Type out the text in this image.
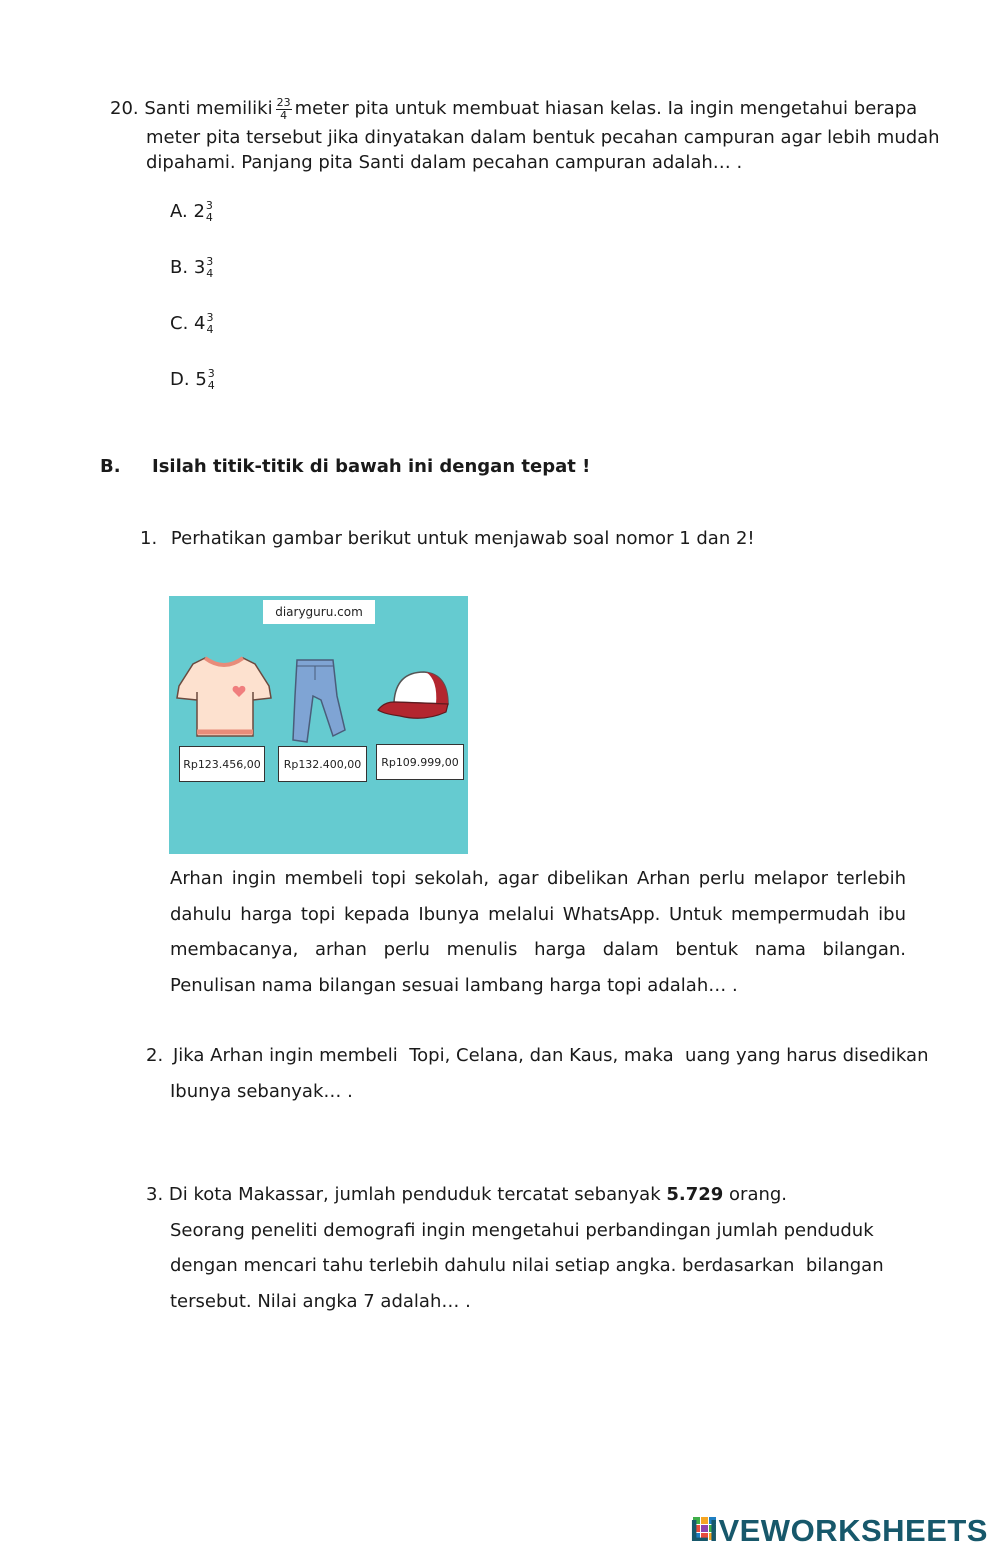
20. Santi memiliki $\frac{23}{4}$ meter pita untuk membuat hiasan kelas. Ia ingin mengetahui berapa
meter pita tersebut jika dinyatakan dalam bentuk pecahan campuran agar lebih mudah
dipahami. Panjang pita Santi dalam pecahan campuran adalah… .
A. 2 3
4
B. 3 3
4
C. 4 3
4
D. 5 3
4
B. Isilah titik-titik di bawah ini dengan tepat !
1. Perhatikan gambar berikut untuk menjawab soal nomor 1 dan 2!
diaryguru.com
Rp123.456,00	Rp132.400,00	Rp109.999,00
Arhan ingin membeli topi sekolah, agar dibelikan Arhan perlu melapor terlebih dahulu harga topi kepada Ibunya melalui WhatsApp. Untuk mempermudah ibu membacanya, arhan perlu menulis harga dalam bentuk nama bilangan. Penulisan nama bilangan sesuai lambang harga topi adalah… .
2. Jika Arhan ingin membeli  Topi, Celana, dan Kaus, maka  uang yang harus disedikan
Ibunya sebanyak… .
3. Di kota Makassar, jumlah penduduk tercatat sebanyak 5.729 orang.
Seorang peneliti demografi ingin mengetahui perbandingan jumlah penduduk
dengan mencari tahu terlebih dahulu nilai setiap angka. berdasarkan  bilangan
tersebut. Nilai angka 7 adalah… .
LIVEWORKSHEETS
